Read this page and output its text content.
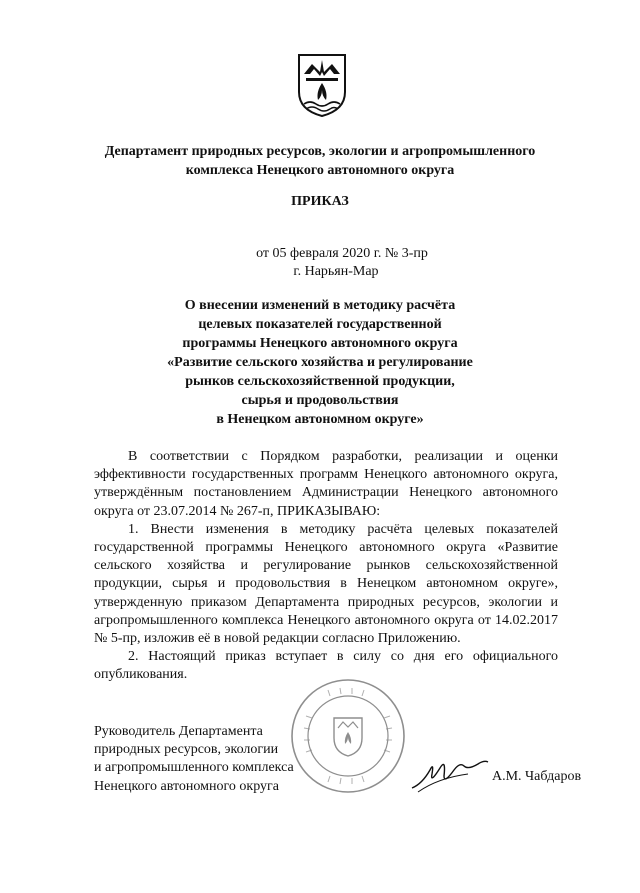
Департамент природных ресурсов, экологии и агропромышленного
комплекса Ненецкого автономного округа
ПРИКАЗ
от 05 февраля 2020 г. № 3-пр
г. Нарьян-Мар
О внесении изменений в методику расчёта
целевых показателей государственной
программы Ненецкого автономного округа
«Развитие сельского хозяйства и регулирование
рынков сельскохозяйственной продукции,
сырья и продовольствия
в Ненецком автономном округе»

В соответствии с Порядком разработки, реализации и оценки эффективности государственных программ Ненецкого автономного округа, утверждённым постановлением Администрации Ненецкого автономного округа от 23.07.2014 № 267-п, ПРИКАЗЫВАЮ:

1. Внести изменения в методику расчёта целевых показателей государственной программы Ненецкого автономного округа «Развитие сельского хозяйства и регулирование рынков сельскохозяйственной продукции, сырья и продовольствия в Ненецком автономном округе», утвержденную приказом Департамента природных ресурсов, экологии и агропромышленного комплекса Ненецкого автономного округа от 14.02.2017 № 5-пр, изложив её в новой редакции согласно Приложению.

2. Настоящий приказ вступает в силу со дня его официального опубликования.

Руководитель Департамента
природных ресурсов, экологии
и агропромышленного комплекса
Ненецкого автономного округа
А.М. Чабдаров
